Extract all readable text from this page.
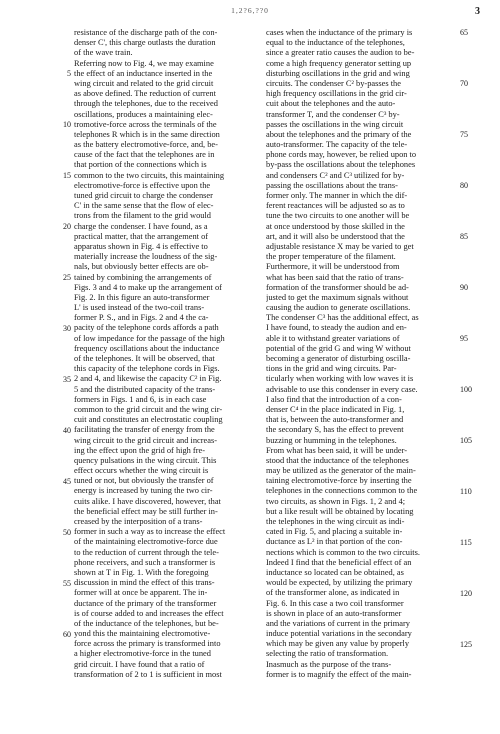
1,2?6,??0	3
resistance of the discharge path of the con-
denser C', this charge outlasts the duration
of the wave train.
Referring now to Fig. 4, we may examine
the effect of an inductance inserted in the
wing circuit and related to the grid circuit
as above defined. The reduction of current
through the telephones, due to the received
oscillations, produces a maintaining elec-
tromotive-force across the terminals of the
telephones R which is in the same direction
as the battery electromotive-force, and, be-
cause of the fact that the telephones are in
that portion of the connections which is
common to the two circuits, this maintaining
electromotive-force is effective upon the
tuned grid circuit to charge the condenser
C' in the same sense that the flow of elec-
trons from the filament to the grid would
charge the condenser. I have found, as a
practical matter, that the arrangement of
apparatus shown in Fig. 4 is effective to
materially increase the loudness of the sig-
nals, but obviously better effects are ob-
tained by combining the arrangements of
Figs. 3 and 4 to make up the arrangement of
Fig. 2. In this figure an auto-transformer
L' is used instead of the two-coil trans-
former P. S., and in Figs. 2 and 4 the ca-
pacity of the telephone cords affords a path
of low impedance for the passage of the high
frequency oscillations about the inductance
of the telephones. It will be observed, that
this capacity of the telephone cords in Figs.
2 and 4, and likewise the capacity C² in Fig.
5 and the distributed capacity of the trans-
formers in Figs. 1 and 6, is in each case
common to the grid circuit and the wing cir-
cuit and constitutes an electrostatic coupling
facilitating the transfer of energy from the
wing circuit to the grid circuit and increas-
ing the effect upon the grid of high fre-
quency pulsations in the wing circuit. This
effect occurs whether the wing circuit is
tuned or not, but obviously the transfer of
energy is increased by tuning the two cir-
cuits alike. I have discovered, however, that
the beneficial effect may be still further in-
creased by the interposition of a trans-
former in such a way as to increase the effect
of the maintaining electromotive-force due
to the reduction of current through the tele-
phone receivers, and such a transformer is
shown at T in Fig. 1. With the foregoing
discussion in mind the effect of this trans-
former will at once be apparent. The in-
ductance of the primary of the transformer
is of course added to and increases the effect
of the inductance of the telephones, but be-
yond this the maintaining electromotive-
force across the primary is transformed into
a higher electromotive-force in the tuned
grid circuit. I have found that a ratio of
transformation of 2 to 1 is sufficient in most
cases when the inductance of the primary is
equal to the inductance of the telephones,
since a greater ratio causes the audion to be-
come a high frequency generator setting up
disturbing oscillations in the grid and wing
circuits. The condenser C² by-passes the
high frequency oscillations in the grid cir-
cuit about the telephones and the auto-
transformer T, and the condenser C³ by-
passes the oscillations in the wing circuit
about the telephones and the primary of the
auto-transformer. The capacity of the tele-
phone cords may, however, be relied upon to
by-pass the oscillations about the telephones
and condensers C² and C³ utilized for by-
passing the oscillations about the trans-
former only. The manner in which the dif-
ferent reactances will be adjusted so as to
tune the two circuits to one another will be
at once understood by those skilled in the
art, and it will also be understood that the
adjustable resistance X may be varied to get
the proper temperature of the filament.
Furthermore, it will be understood from
what has been said that the ratio of trans-
formation of the transformer should be ad-
justed to get the maximum signals without
causing the audion to generate oscillations.
The condenser C³ has the additional effect, as
I have found, to steady the audion and en-
able it to withstand greater variations of
potential of the grid G and wing W without
becoming a generator of disturbing oscilla-
tions in the grid and wing circuits. Par-
ticularly when working with low waves it is
advisable to use this condenser in every case.
I also find that the introduction of a con-
denser C⁴ in the place indicated in Fig. 1,
that is, between the auto-transformer and
the secondary S, has the effect to prevent
buzzing or humming in the telephones.
From what has been said, it will be under-
stood that the inductance of the telephones
may be utilized as the generator of the main-
taining electromotive-force by inserting the
telephones in the connections common to the
two circuits, as shown in Figs. 1, 2 and 4;
but a like result will be obtained by locating
the telephones in the wing circuit as indi-
cated in Fig. 5, and placing a suitable in-
ductance as L² in that portion of the con-
nections which is common to the two circuits.
Indeed I find that the beneficial effect of an
inductance so located can be obtained, as
would be expected, by utilizing the primary
of the transformer alone, as indicated in
Fig. 6. In this case a two coil transformer
is shown in place of an auto-transformer
and the variations of current in the primary
induce potential variations in the secondary
which may be given any value by properly
selecting the ratio of transformation.
Inasmuch as the purpose of the trans-
former is to magnify the effect of the main-
5
10
15
20
25
30
35
40
45
50
55
60
65
70
75
80
85
90
95
100
105
110
115
120
125
